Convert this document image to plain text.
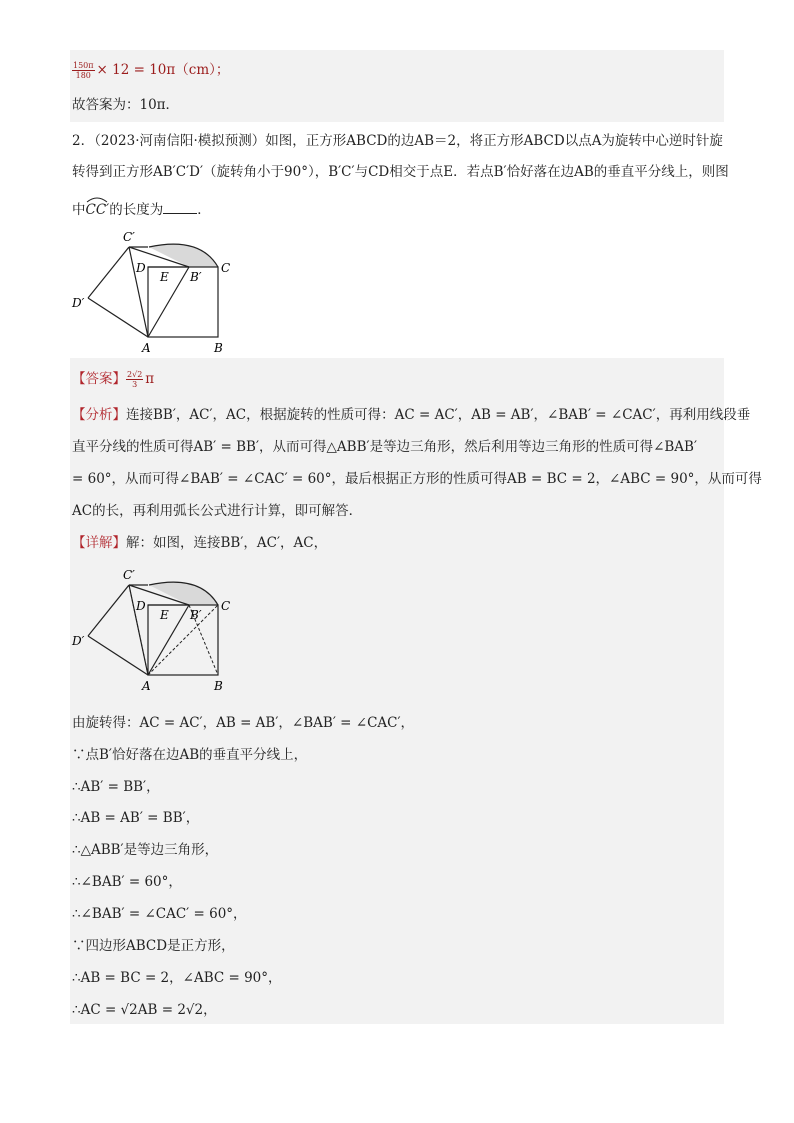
$\frac{150\pi}{180} \times 12 = 10\pi(cm)$；
故答案为：10π．
2．（2023·河南信阳·模拟预测）如图，正方形ABCD的边AB＝2，将正方形ABCD以点A为旋转中心逆时针旋
转得到正方形AB′C′D′（旋转角小于90°），B′C′与CD相交于点E．若点B′恰好落在边AB的垂直平分线上，则图
中CC′
的长度为	．
C′
D
E B′
C
D′
A	B
【答案】 $\frac{2√2}{3}$ π
【分析】连接BB′，AC′，AC，根据旋转的性质可得：AC = AC′，AB = AB′，∠BAB′ = ∠CAC′，再利用线段垂
直平分线的性质可得AB′ = BB′，从而可得△ABB′是等边三角形，然后利用等边三角形的性质可得∠BAB′
= 60°，从而可得∠BAB′ = ∠CAC′ = 60°，最后根据正方形的性质可得AB = BC = 2，∠ABC = 90°，从而可得
AC的长，再利用弧长公式进行计算，即可解答．
【详解】解：如图，连接BB′，AC′，AC，
C′
D
E B′
C
D′
A	B
由旋转得：AC = AC′，AB = AB′，∠BAB′ = ∠CAC′，
∵点B′恰好落在边AB的垂直平分线上，
∴AB′ = BB′，
∴AB = AB′ = BB′，
∴△ABB′是等边三角形，
∴∠BAB′ = 60°，
∴∠BAB′ = ∠CAC′ = 60°，
∵四边形ABCD是正方形，
∴AB = BC = 2，∠ABC = 90°，
∴AC = √2AB = 2√2，
